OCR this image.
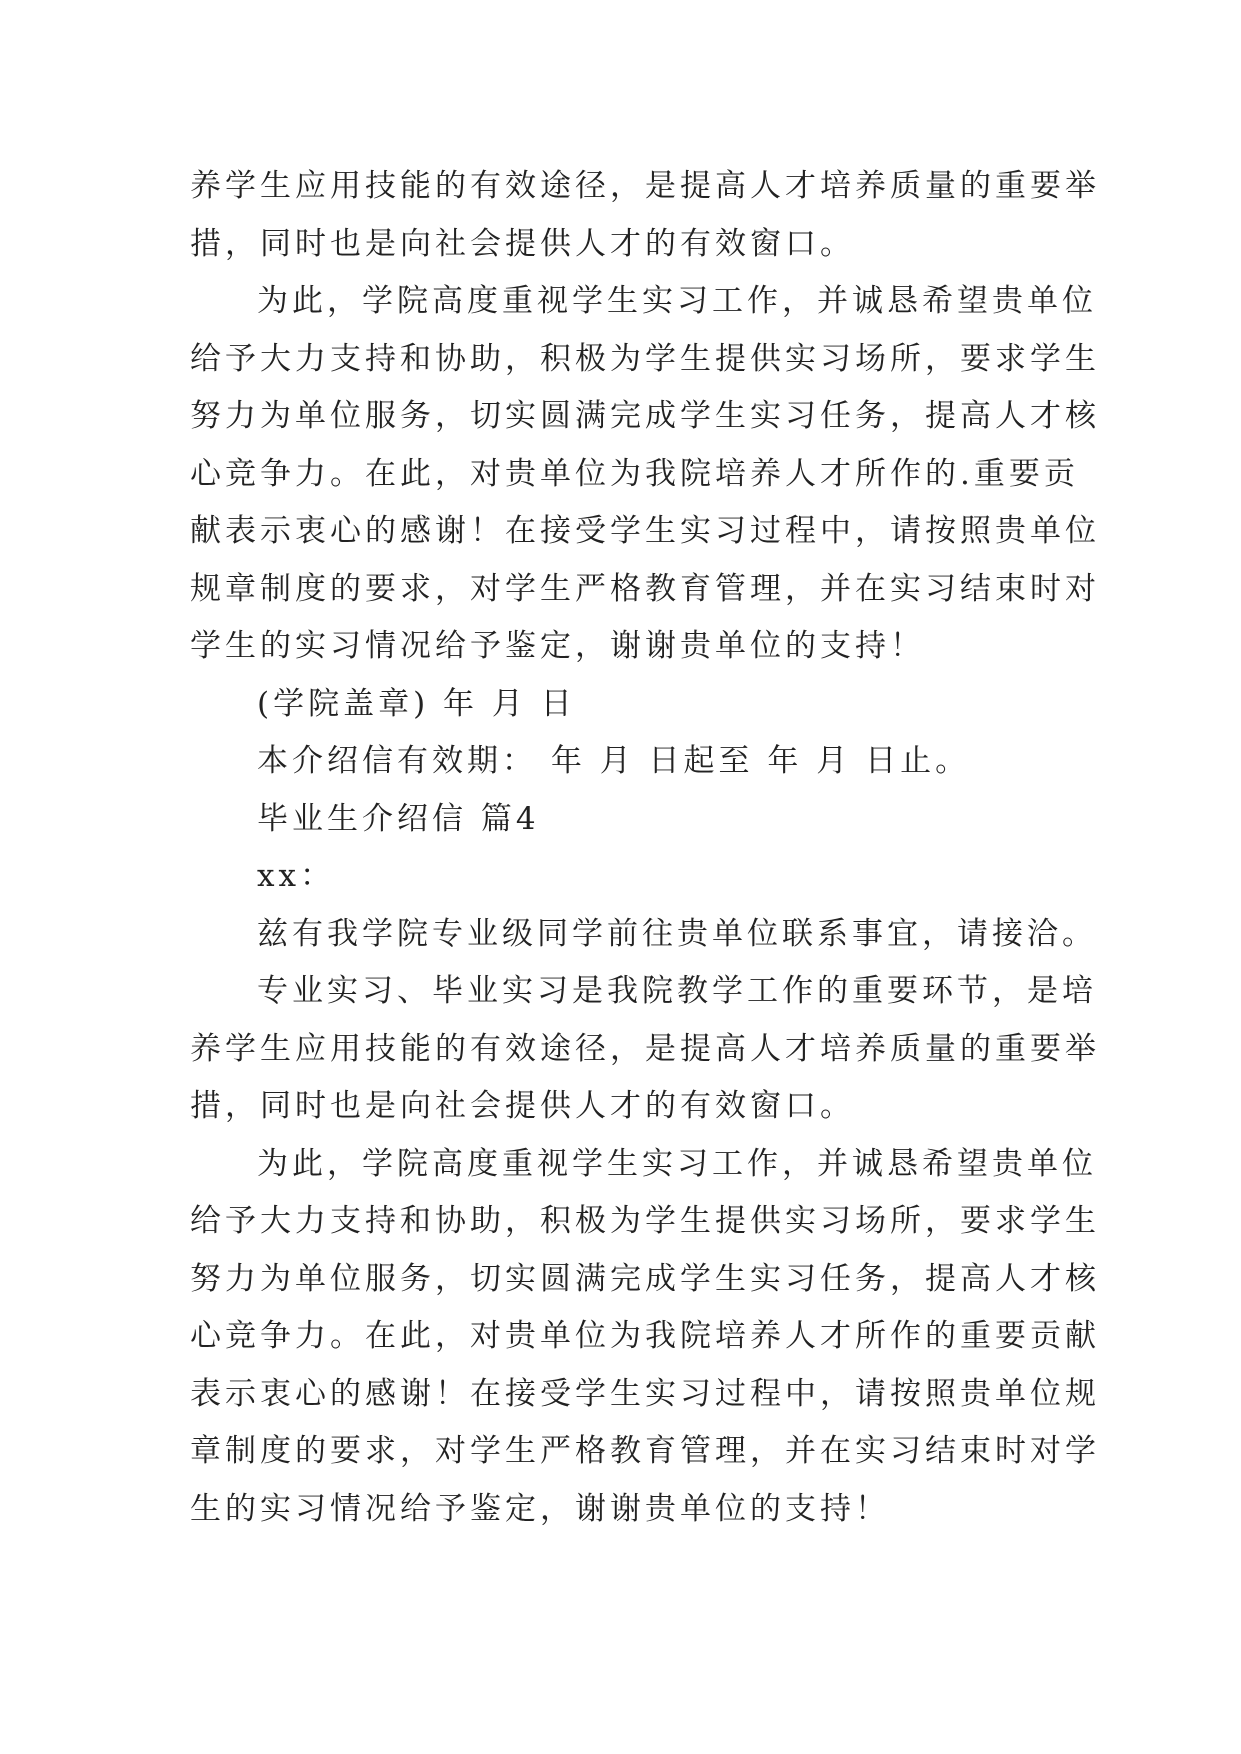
养学生应用技能的有效途径，是提高人才培养质量的重要举
措，同时也是向社会提供人才的有效窗口。
为此，学院高度重视学生实习工作，并诚恳希望贵单位
给予大力支持和协助，积极为学生提供实习场所，要求学生
努力为单位服务，切实圆满完成学生实习任务，提高人才核
心竞争力。在此，对贵单位为我院培养人才所作的.重要贡
献表示衷心的感谢！在接受学生实习过程中，请按照贵单位
规章制度的要求，对学生严格教育管理，并在实习结束时对
学生的实习情况给予鉴定，谢谢贵单位的支持！
(学院盖章) 年 月 日
本介绍信有效期： 年 月 日起至 年 月 日止。
毕业生介绍信 篇4
xx：
兹有我学院专业级同学前往贵单位联系事宜，请接洽。
专业实习、毕业实习是我院教学工作的重要环节，是培
养学生应用技能的有效途径，是提高人才培养质量的重要举
措，同时也是向社会提供人才的有效窗口。
为此，学院高度重视学生实习工作，并诚恳希望贵单位
给予大力支持和协助，积极为学生提供实习场所，要求学生
努力为单位服务，切实圆满完成学生实习任务，提高人才核
心竞争力。在此，对贵单位为我院培养人才所作的重要贡献
表示衷心的感谢！在接受学生实习过程中，请按照贵单位规
章制度的要求，对学生严格教育管理，并在实习结束时对学
生的实习情况给予鉴定，谢谢贵单位的支持！
